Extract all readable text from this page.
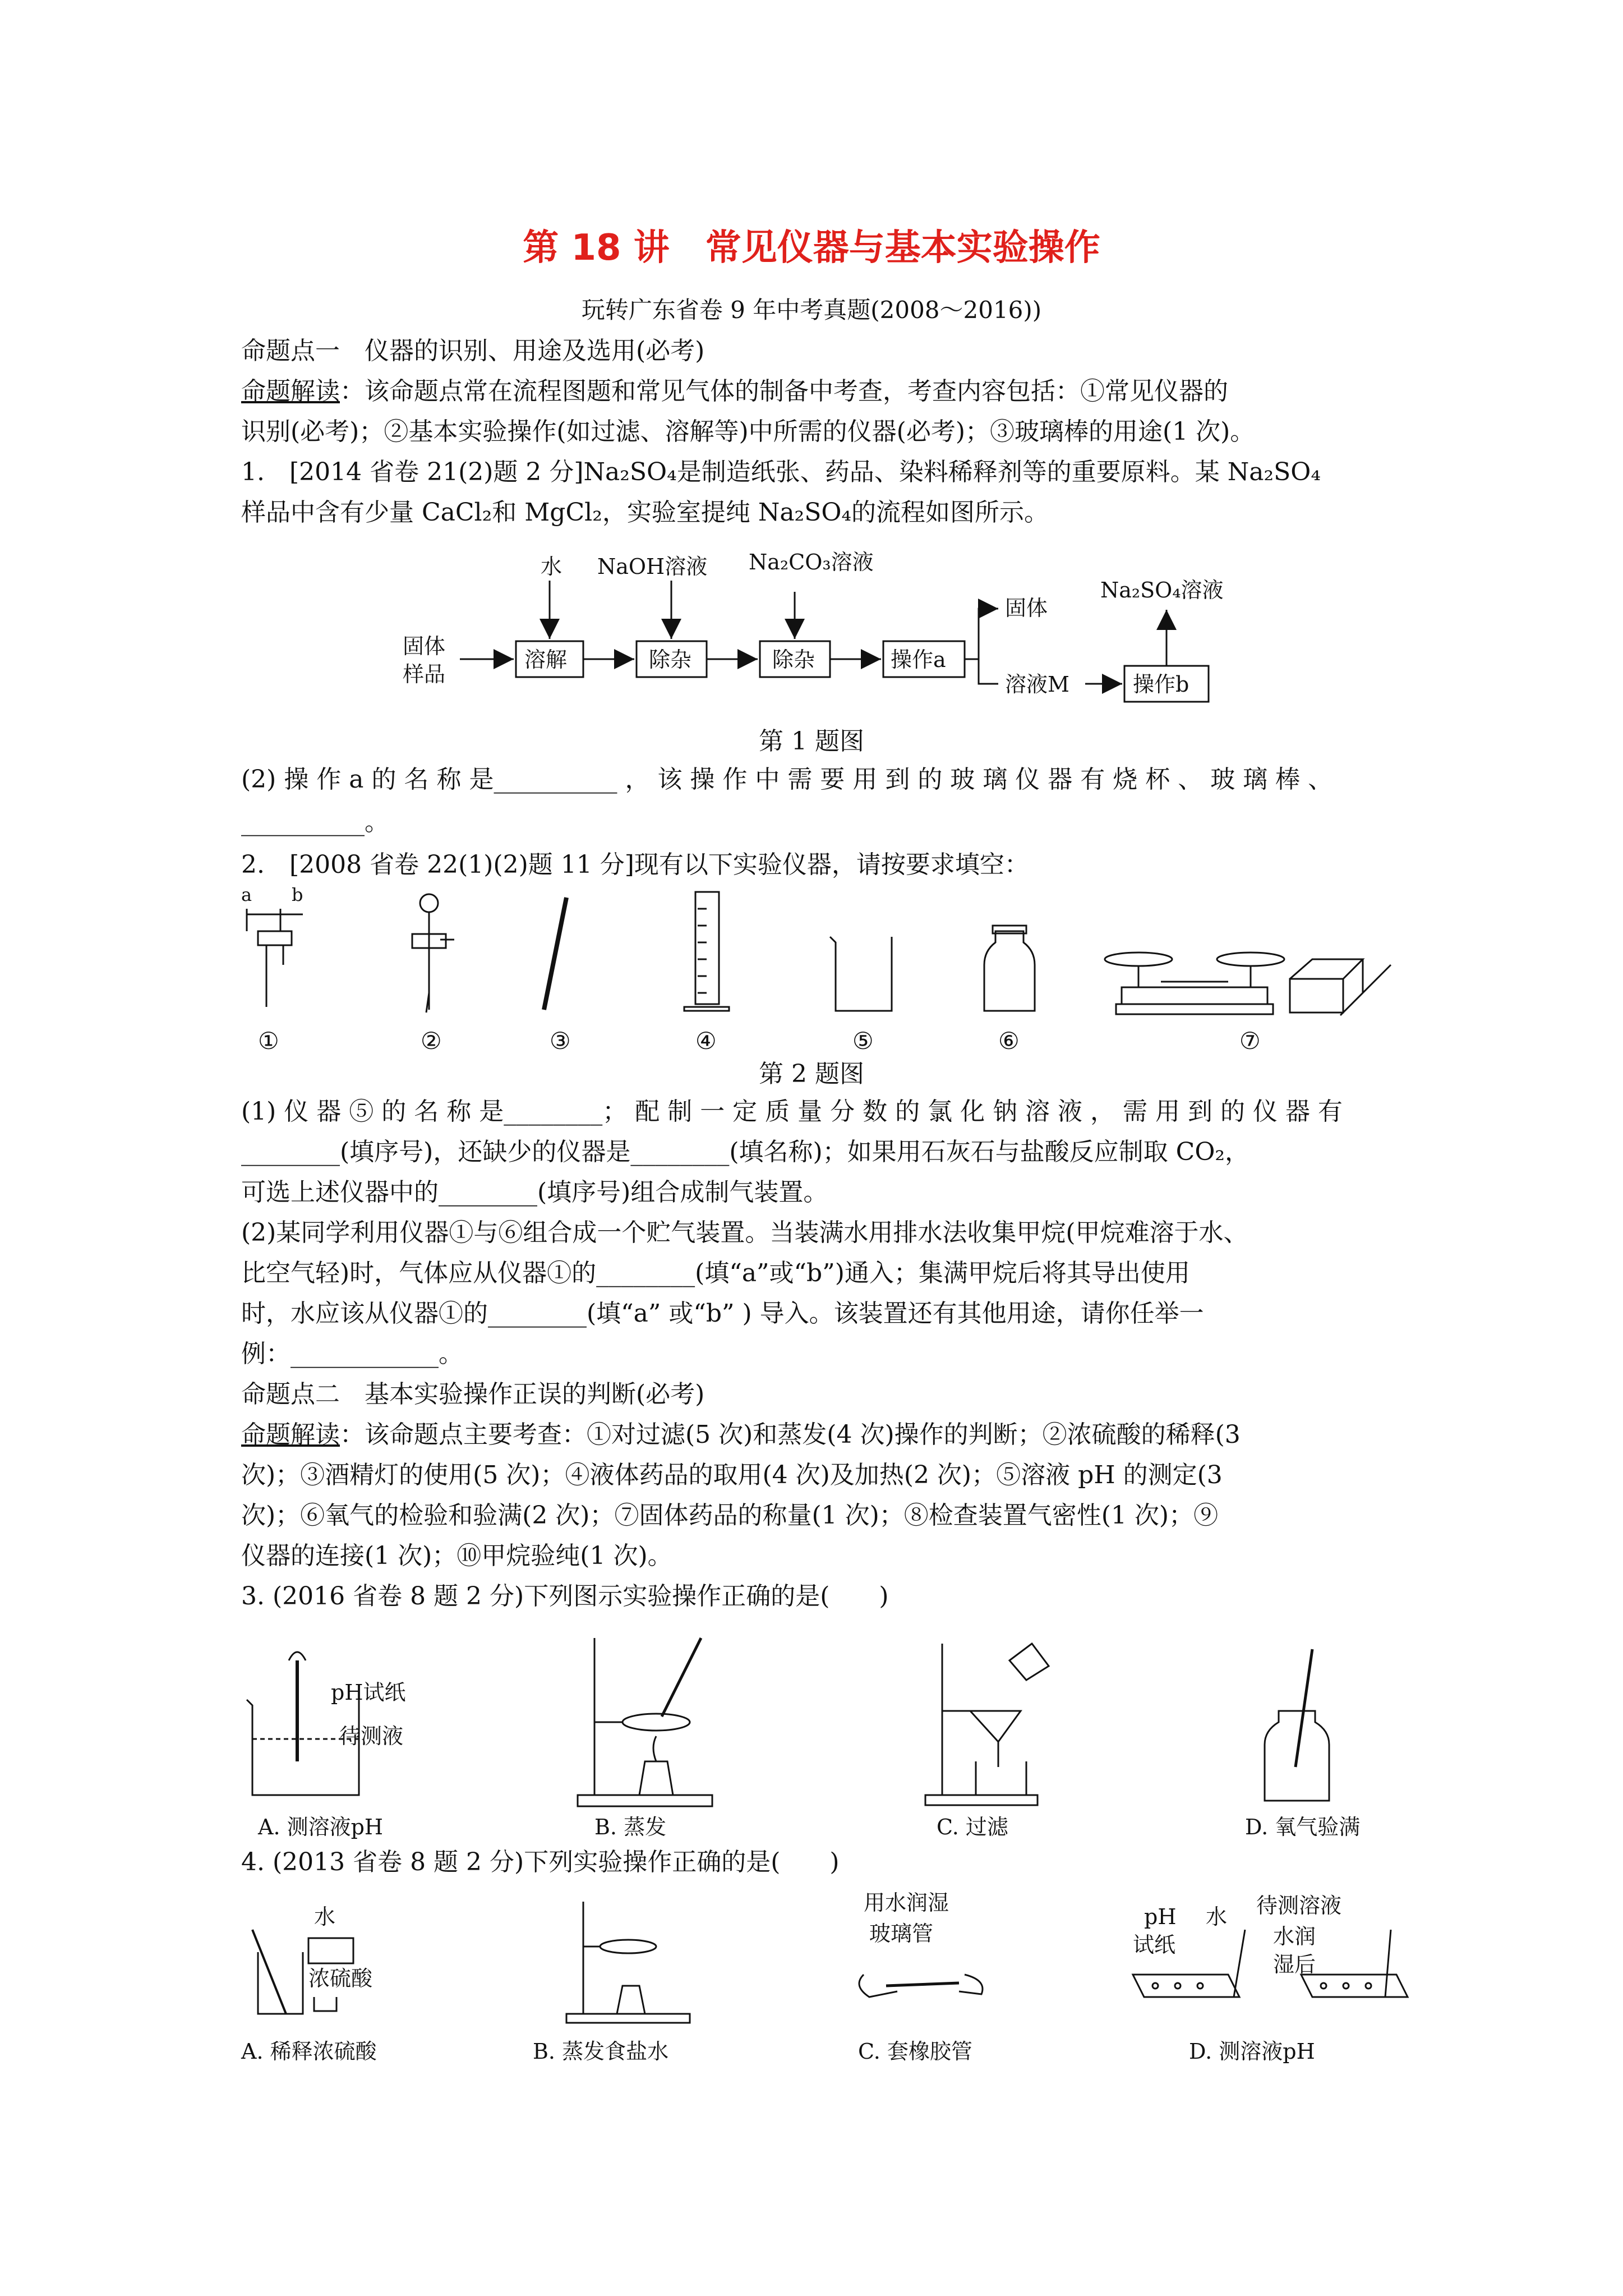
第 18 讲　常见仪器与基本实验操作
玩转广东省卷 9 年中考真题(2008～2016))
命题点一　仪器的识别、用途及选用(必考)
命题解读：该命题点常在流程图题和常见气体的制备中考查，考查内容包括：①常见仪器的
识别(必考)；②基本实验操作(如过滤、溶解等)中所需的仪器(必考)；③玻璃棒的用途(1 次)。
1.　[2014 省卷 21(2)题 2 分]Na₂SO₄是制造纸张、药品、染料稀释剂等的重要原料。某 Na₂SO₄
样品中含有少量 CaCl₂和 MgCl₂，实验室提纯 Na₂SO₄的流程如图所示。
固体
样品
水 NaOH溶液 Na₂CO₃溶液
溶解	除杂	除杂	操作a
固体
溶液M	操作b
Na₂SO₄溶液
第 1 题图
(2) 操 作 a 的 名 称 是__________ ， 该 操 作 中 需 要 用 到 的 玻 璃 仪 器 有 烧 杯 、 玻 璃 棒 、
__________。
2.　[2008 省卷 22(1)(2)题 11 分]现有以下实验仪器，请按要求填空：
a b
①	②	③	④	⑤	⑥	⑦
第 2 题图
(1) 仪 器 ⑤ 的 名 称 是________； 配 制 一 定 质 量 分 数 的 氯 化 钠 溶 液 ， 需 用 到 的 仪 器 有
________(填序号)，还缺少的仪器是________(填名称)；如果用石灰石与盐酸反应制取 CO₂，
可选上述仪器中的________(填序号)组合成制气装置。
(2)某同学利用仪器①与⑥组合成一个贮气装置。当装满水用排水法收集甲烷(甲烷难溶于水、
比空气轻)时，气体应从仪器①的________(填“a”或“b”)通入；集满甲烷后将其导出使用
时，水应该从仪器①的________(填“a” 或“b” ) 导入。该装置还有其他用途，请你任举一
例：____________。
命题点二　基本实验操作正误的判断(必考)
命题解读：该命题点主要考查：①对过滤(5 次)和蒸发(4 次)操作的判断；②浓硫酸的稀释(3
次)；③酒精灯的使用(5 次)；④液体药品的取用(4 次)及加热(2 次)；⑤溶液 pH 的测定(3
次)；⑥氧气的检验和验满(2 次)；⑦固体药品的称量(1 次)；⑧检查装置气密性(1 次)；⑨
仪器的连接(1 次)；⑩甲烷验纯(1 次)。
3. (2016 省卷 8 题 2 分)下列图示实验操作正确的是(　　)
pH试纸
待测液
A. 测溶液pH	B. 蒸发	C. 过滤	D. 氧气验满
4. (2013 省卷 8 题 2 分)下列实验操作正确的是(　　)
水
浓硫酸
用水润湿
玻璃管
pH
试纸
水 待测溶液
水润
湿后
A. 稀释浓硫酸	B. 蒸发食盐水	C. 套橡胶管	D. 测溶液pH
